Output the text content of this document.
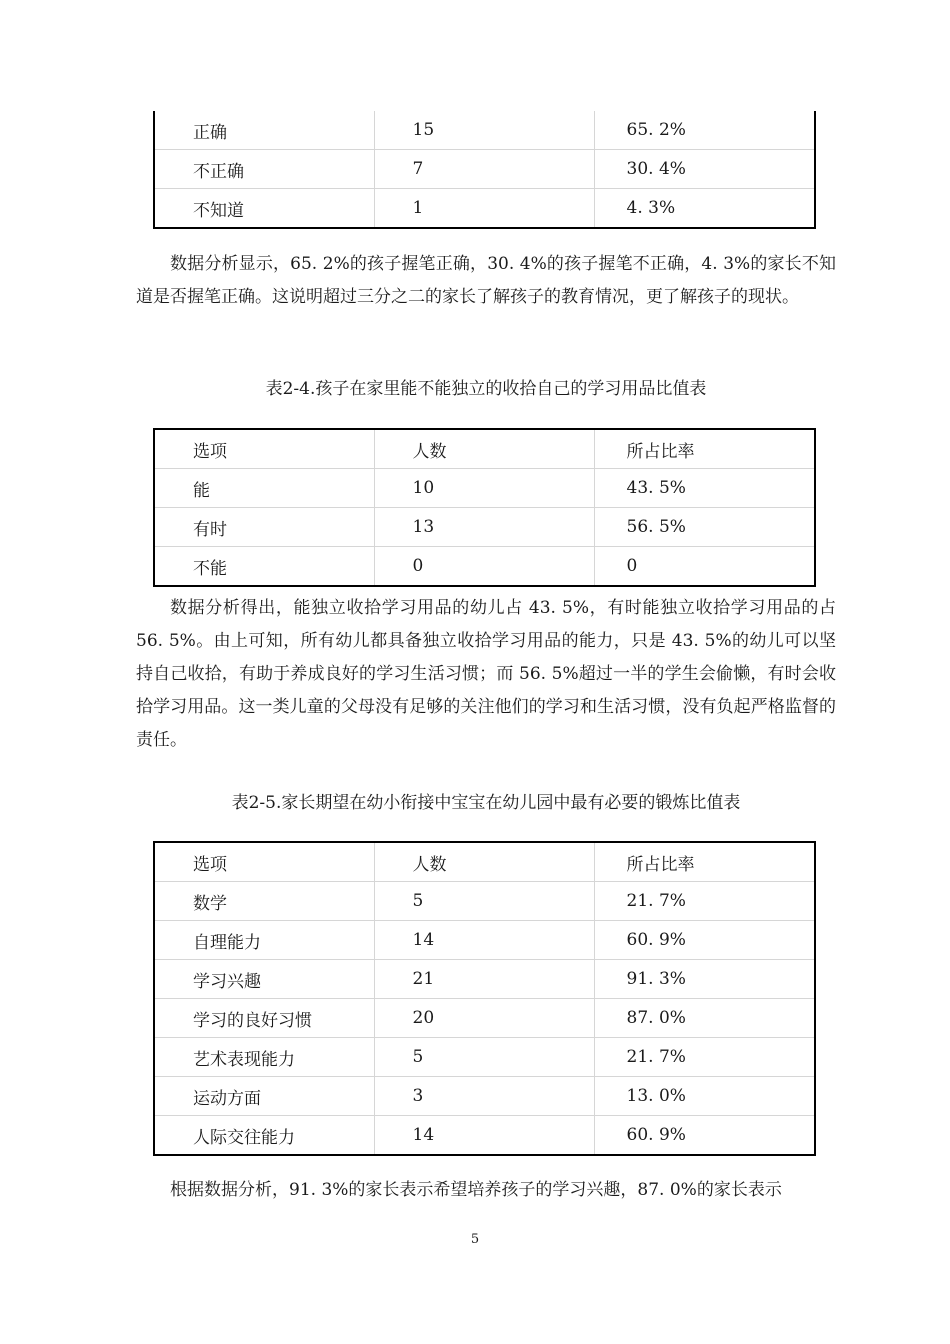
正确	15	65. 2%
不正确	7	30. 4%
不知道	1	4. 3%

数据分析显示，65. 2%的孩子握笔正确，30. 4%的孩子握笔不正确，4. 3%的家长不知道是否握笔正确。这说明超过三分之二的家长了解孩子的教育情况，更了解孩子的现状。

表2-4.孩子在家里能不能独立的收拾自己的学习用品比值表

选项	人数	所占比率
能	10	43. 5%
有时	13	56. 5%
不能	0	0

数据分析得出，能独立收拾学习用品的幼儿占 43. 5%，有时能独立收拾学习用品的占 56. 5%。由上可知，所有幼儿都具备独立收拾学习用品的能力，只是 43. 5%的幼儿可以坚持自己收拾，有助于养成良好的学习生活习惯；而 56. 5%超过一半的学生会偷懒，有时会收拾学习用品。这一类儿童的父母没有足够的关注他们的学习和生活习惯，没有负起严格监督的责任。

表2-5.家长期望在幼小衔接中宝宝在幼儿园中最有必要的锻炼比值表

选项	人数	所占比率
数学	5	21. 7%
自理能力	14	60. 9%
学习兴趣	21	91. 3%
学习的良好习惯	20	87. 0%
艺术表现能力	5	21. 7%
运动方面	3	13. 0%
人际交往能力	14	60. 9%

根据数据分析，91. 3%的家长表示希望培养孩子的学习兴趣，87. 0%的家长表示

5
